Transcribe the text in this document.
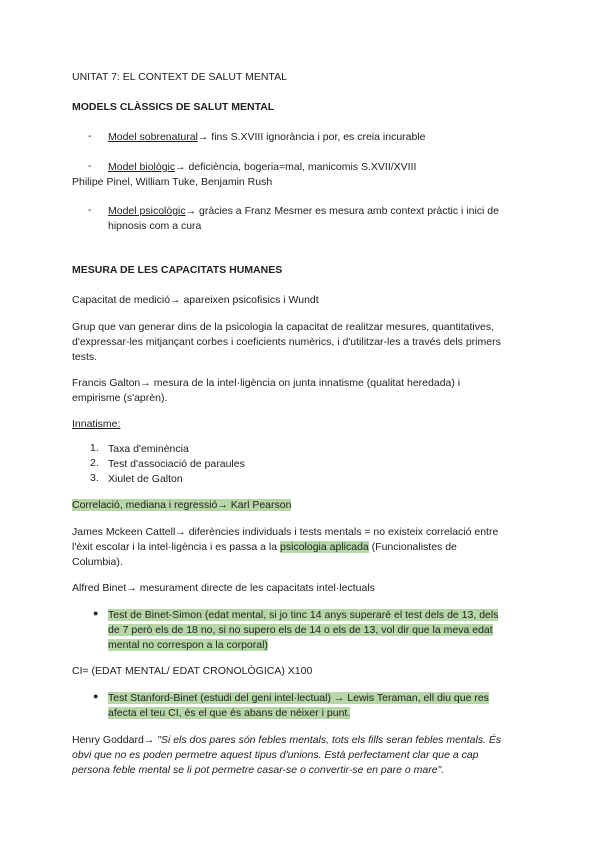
UNITAT 7: EL CONTEXT DE SALUT MENTAL
MODELS CLÀSSICS DE SALUT MENTAL
- Model sobrenatural→ fins S.XVIII ignorància i por, es creia incurable
- Model biològic→ deficiència, bogeria=mal, manicomis S.XVII/XVIII
Philipe Pinel, William Tuke, Benjamin Rush
- Model psicològic→ gràcies a Franz Mesmer es mesura amb context pràctic i inici de
hipnosis com a cura
MESURA DE LES CAPACITATS HUMANES
Capacitat de medició→ apareixen psicofisics i Wundt
Grup que van generar dins de la psicologia la capacitat de realitzar mesures, quantitatives,
d'expressar-les mitjançant corbes i coeficients numèrics, i d'utilitzar-les a través dels primers
tests.
Francis Galton→ mesura de la intel·ligència on junta innatisme (qualitat heredada) i
empirisme (s'aprèn).
Innatisme:
1. Taxa d'eminència
2. Test d'associació de paraules
3. Xiulet de Galton
Correlació, mediana i regressió→ Karl Pearson
James Mckeen Cattell→ diferències individuals i tests mentals = no existeix correlació entre
l'èxit escolar i la intel·ligència i es passa a la psicologia aplicada (Funcionalistes de
Columbia).
Alfred Binet→ mesurament directe de les capacitats intel·lectuals
● Test de Binet-Simon (edat mental, si jo tinc 14 anys superaré el test dels de 13, dels
de 7 però els de 18 no, si no supero els de 14 o els de 13, vol dir que la meva edat
mental no correspon a la corporal)
CI= (EDAT MENTAL/ EDAT CRONOLÒGICA) X100
● Test Stanford-Binet (estudi del geni intel·lectual) → Lewis Teraman, ell diu que res
afecta el teu CI, és el que és abans de néixer i punt.
Henry Goddard→ "Si els dos pares són febles mentals, tots els fills seran febles mentals. És
obvi que no es poden permetre aquest tipus d'unions. Està perfectament clar que a cap
persona feble mental se li pot permetre casar-se o convertir-se en pare o mare".
